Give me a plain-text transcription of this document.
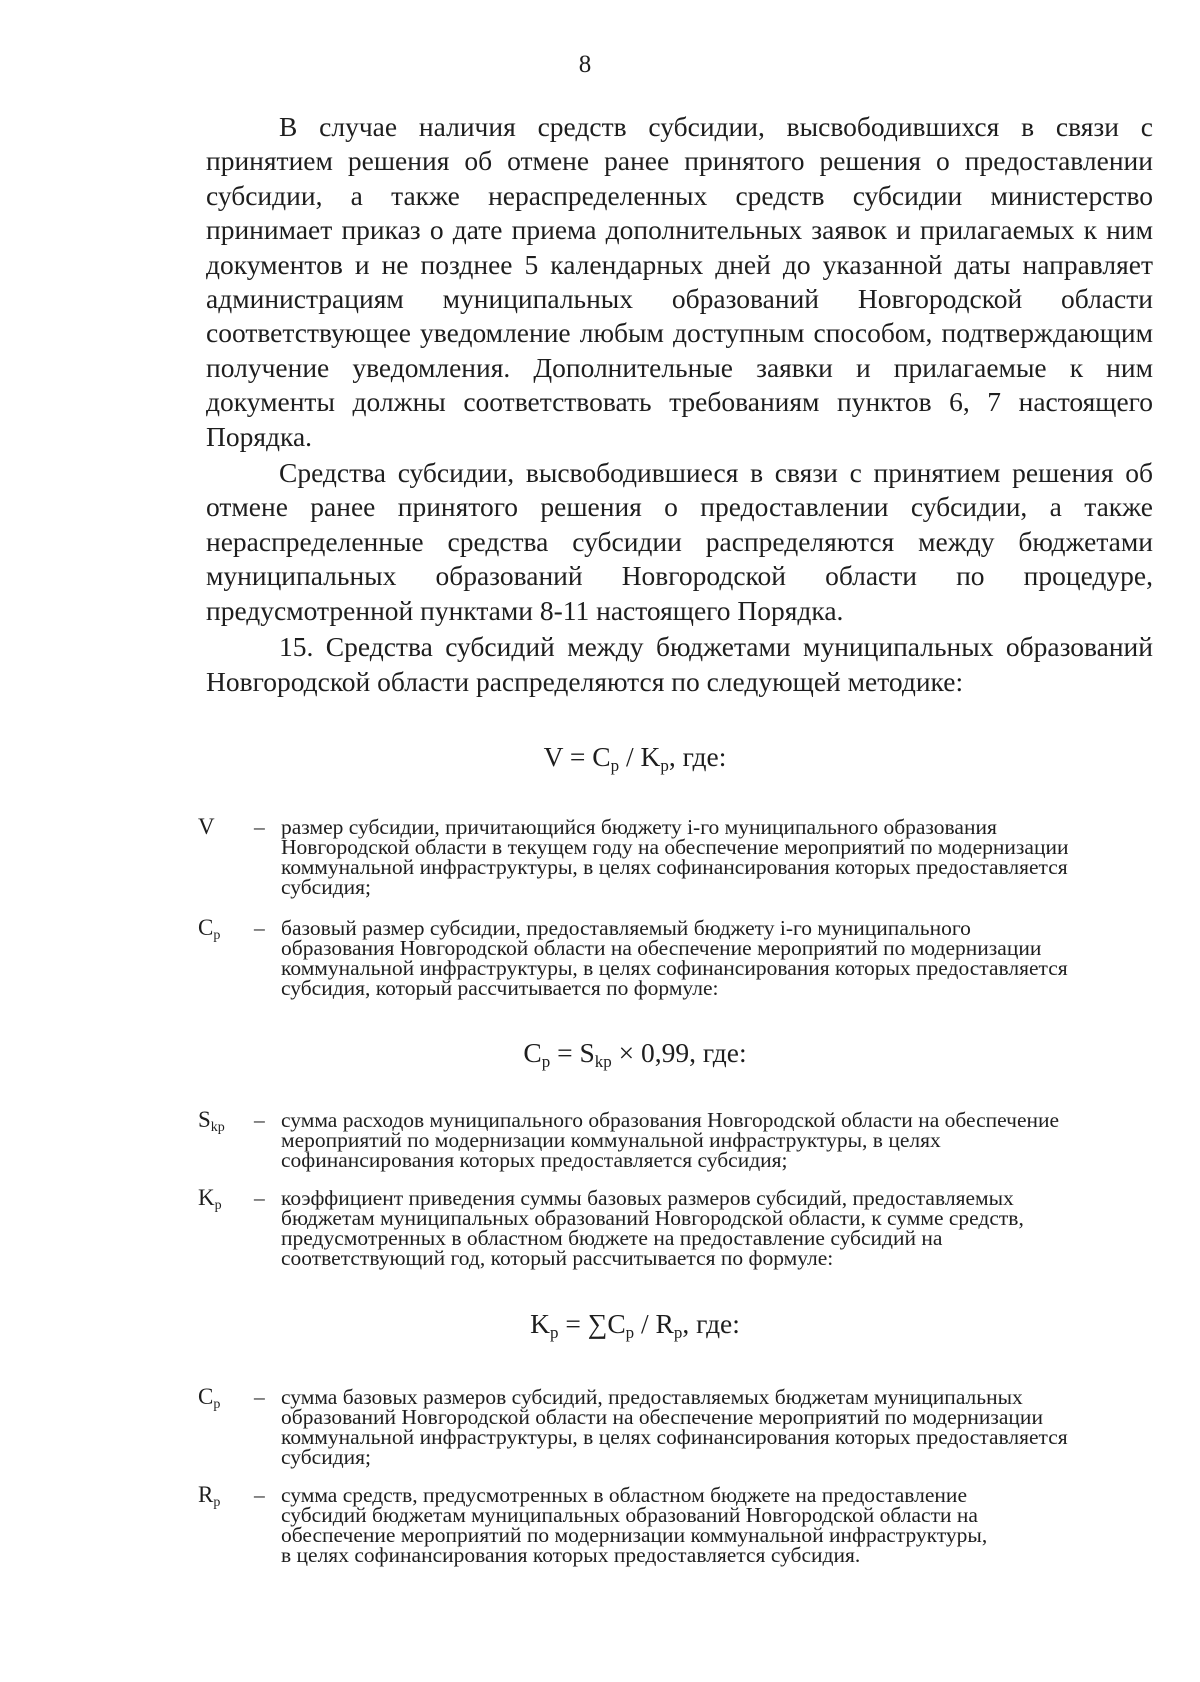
8

В случае наличия средств субсидии, высвободившихся в связи с принятием решения об отмене ранее принятого решения о предоставлении субсидии, а также нераспределенных средств субсидии министерство принимает приказ о дате приема дополнительных заявок и прилагаемых к ним документов и не позднее 5 календарных дней до указанной даты направляет администрациям муниципальных образований Новгородской области соответствующее уведомление любым доступным способом, подтверждающим получение уведомления. Дополнительные заявки и прилагаемые к ним документы должны соответствовать требованиям пунктов 6, 7 настоящего Порядка.

Средства субсидии, высвободившиеся в связи с принятием решения об отмене ранее принятого решения о предоставлении субсидии, а также нераспределенные средства субсидии распределяются между бюджетами муниципальных образований Новгородской области по процедуре, предусмотренной пунктами 8-11 настоящего Порядка.

15. Средства субсидий между бюджетами муниципальных образований Новгородской области распределяются по следующей методике:

$V = C_р / K_р$, где:
V	– размер субсидии, причитающийся бюджету i-го муниципального образования
Новгородской области в текущем году на обеспечение мероприятий по модернизации
коммунальной инфраструктуры, в целях софинансирования которых предоставляется
субсидия;
$C_р$	– базовый размер субсидии, предоставляемый бюджету i-го муниципального
образования Новгородской области на обеспечение мероприятий по модернизации
коммунальной инфраструктуры, в целях софинансирования которых предоставляется
субсидия, который рассчитывается по формуле:
$C_р = S_{kp} \times 0,99$, где:
$S_{kp}$	– сумма расходов муниципального образования Новгородской области на обеспечение
мероприятий по модернизации коммунальной инфраструктуры, в целях
софинансирования которых предоставляется субсидия;
$K_р$	– коэффициент приведения суммы базовых размеров субсидий, предоставляемых
бюджетам муниципальных образований Новгородской области, к сумме средств,
предусмотренных в областном бюджете на предоставление субсидий на
соответствующий год, который рассчитывается по формуле:
$K_р = \sum C_р / R_р$, где:
$C_р$	– сумма базовых размеров субсидий, предоставляемых бюджетам муниципальных
образований Новгородской области на обеспечение мероприятий по модернизации
коммунальной инфраструктуры, в целях софинансирования которых предоставляется
субсидия;
$R_р$	– сумма средств, предусмотренных в областном бюджете на предоставление
субсидий бюджетам муниципальных образований Новгородской области на
обеспечение мероприятий по модернизации коммунальной инфраструктуры,
в целях софинансирования которых предоставляется субсидия.
